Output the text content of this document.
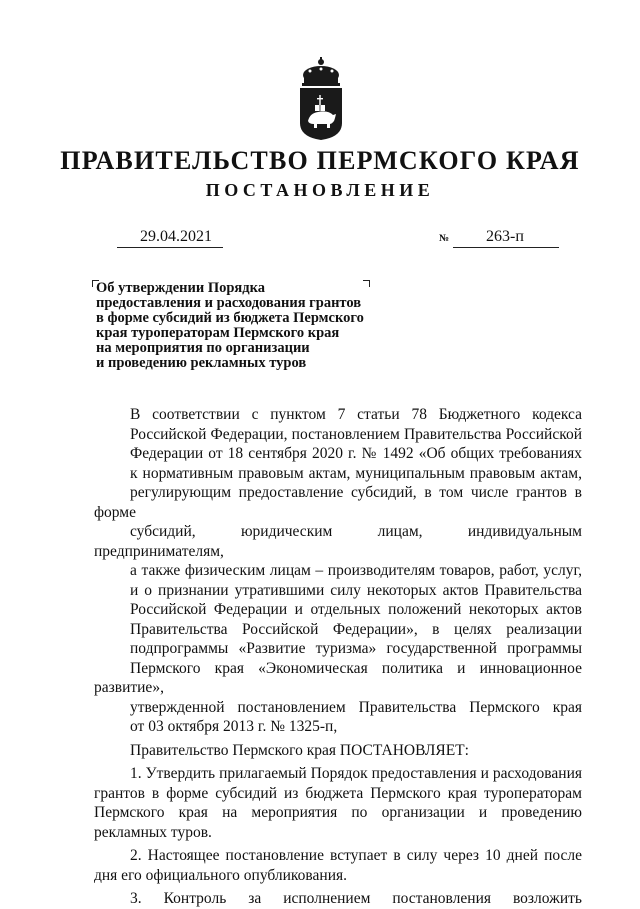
ПРАВИТЕЛЬСТВО ПЕРМСКОГО КРАЯ
ПОСТАНОВЛЕНИЕ
29.04.2021	№ 263-п
Об утверждении Порядка
предоставления и расходования грантов
в форме субсидий из бюджета Пермского
края туроператорам Пермского края
на мероприятия по организации
и проведению рекламных туров
В соответствии с пунктом 7 статьи 78 Бюджетного кодекса
Российской Федерации, постановлением Правительства Российской
Федерации от 18 сентября 2020 г. № 1492 «Об общих требованиях
к нормативным правовым актам, муниципальным правовым актам,
регулирующим предоставление субсидий, в том числе грантов в форме
субсидий, юридическим лицам, индивидуальным предпринимателям,
а также физическим лицам – производителям товаров, работ, услуг,
и о признании утратившими силу некоторых актов Правительства
Российской Федерации и отдельных положений некоторых актов
Правительства Российской Федерации», в целях реализации
подпрограммы «Развитие туризма» государственной программы
Пермского края «Экономическая политика и инновационное развитие»,
утвержденной постановлением Правительства Пермского края
от 03 октября 2013 г. № 1325-п,
Правительство Пермского края ПОСТАНОВЛЯЕТ:
1. Утвердить прилагаемый Порядок предоставления и расходования грантов в форме субсидий из бюджета Пермского края туроператорам Пермского края на мероприятия по организации и проведению рекламных туров.
2. Настоящее постановление вступает в силу через 10 дней после дня его официального опубликования.
3. Контроль за исполнением постановления возложить
